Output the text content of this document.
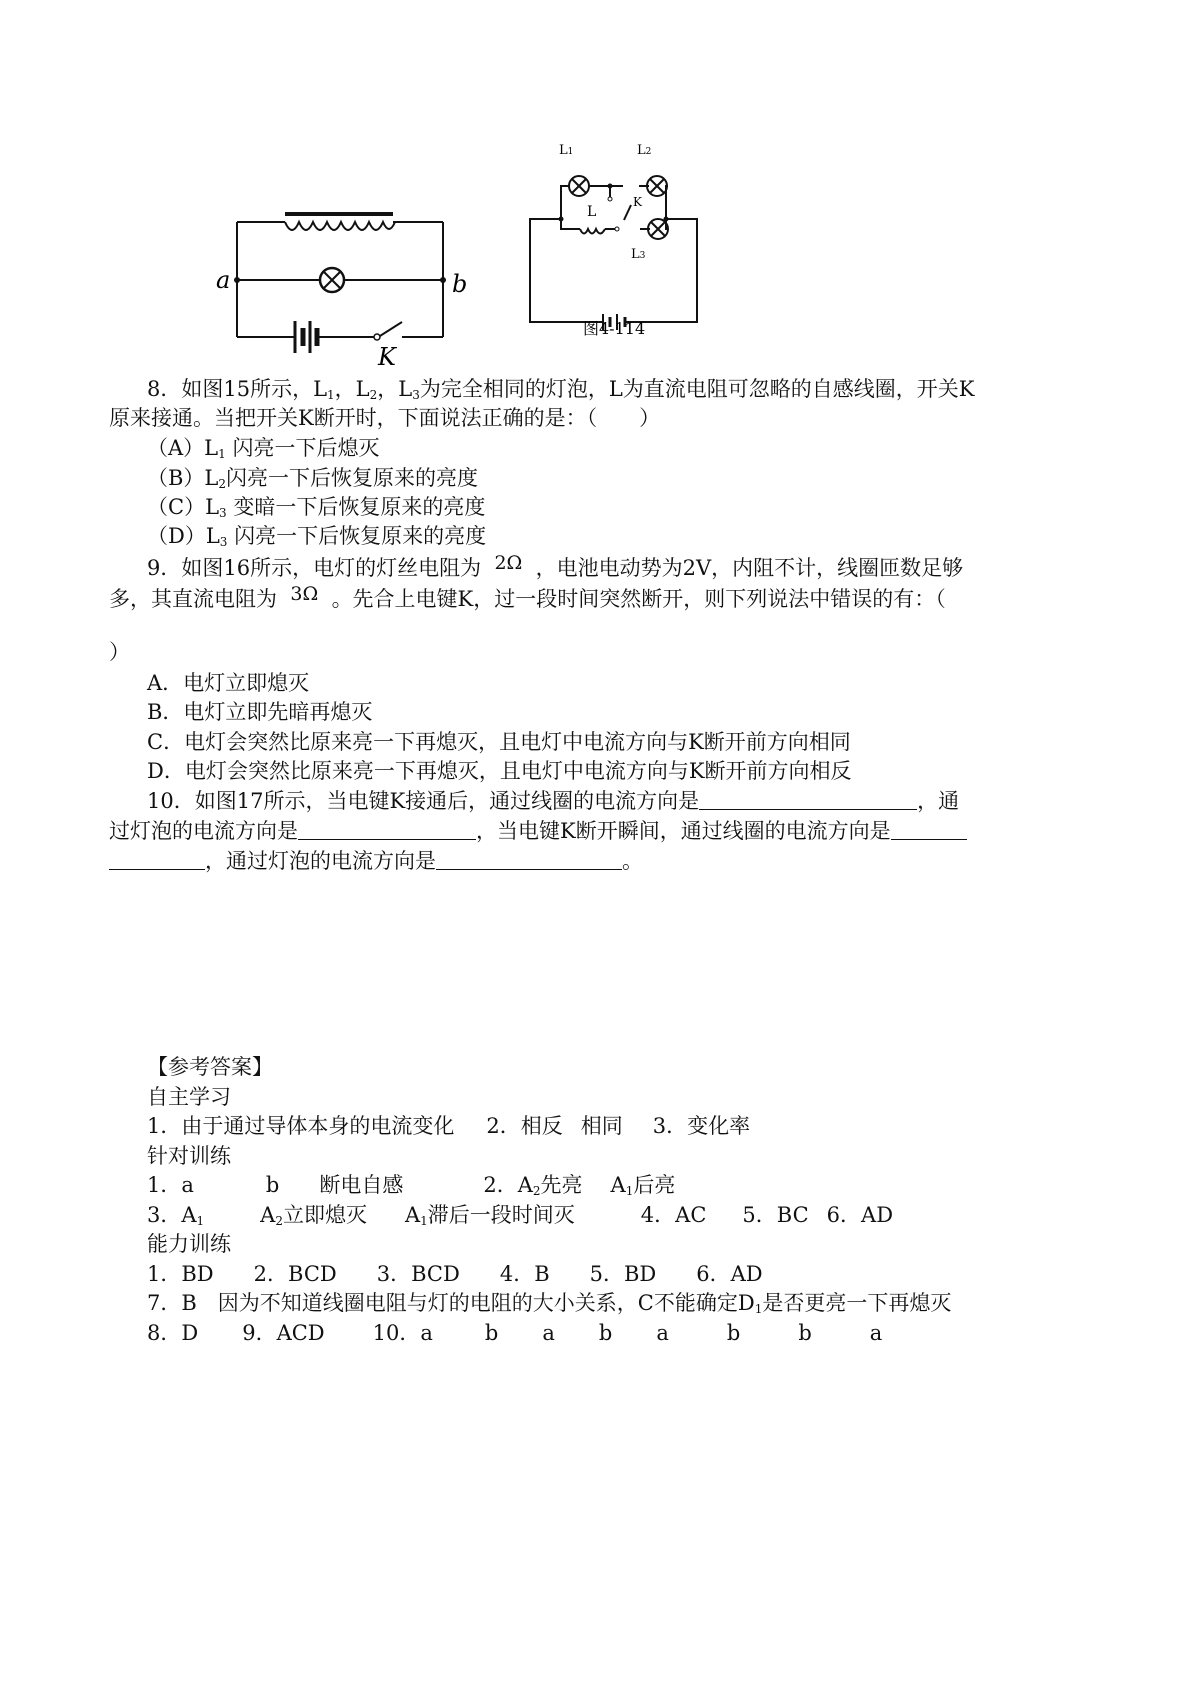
a	b
K
L1	L2
L3
L
K
图4-114
8．如图15所示，$L_1$，$L_2$，$L_3$为完全相同的灯泡，L为直流电阻可忽略的自感线圈，开关K
原来接通。当把开关K断开时，下面说法正确的是：（　　）
$(A)L_1$ 闪亮一下后熄灭
$(B)L_2$闪亮一下后恢复原来的亮度
$(C)L_3$ 变暗一下后恢复原来的亮度
$(D)L_3$ 闪亮一下后恢复原来的亮度
9．如图16所示，电灯的灯丝电阻为 2Ω ，电池电动势为2V，内阻不计，线圈匝数足够
多，其直流电阻为 3Ω 。先合上电键K，过一段时间突然断开，则下列说法中错误的有：（
）
A．电灯立即熄灭
B．电灯立即先暗再熄灭
C．电灯会突然比原来亮一下再熄灭，且电灯中电流方向与K断开前方向相同
D．电灯会突然比原来亮一下再熄灭，且电灯中电流方向与K断开前方向相反
10．如图17所示，当电键K接通后，通过线圈的电流方向是	，通
过灯泡的电流方向是	，当电键K断开瞬间，通过线圈的电流方向是
，通过灯泡的电流方向是	。
【参考答案】
自主学习
1．由于通过导体本身的电流变化 2．相反 相同 3．变化率
针对训练
1．a	b 断电自感	2．$A_2$先亮 $A_1$后亮
3．$A_1$	$A_2$立即熄灭 $A_1$滞后一段时间灭	4．AC 5．BC 6．AD
能力训练
1．BD 2．BCD 3．BCD 4．B 5．BD 6．AD
7．B　因为不知道线圈电阻与灯的电阻的大小关系，C不能确定$D_1$是否更亮一下再熄灭
8．D 9．ACD 10．a b a b a	b	b	a
